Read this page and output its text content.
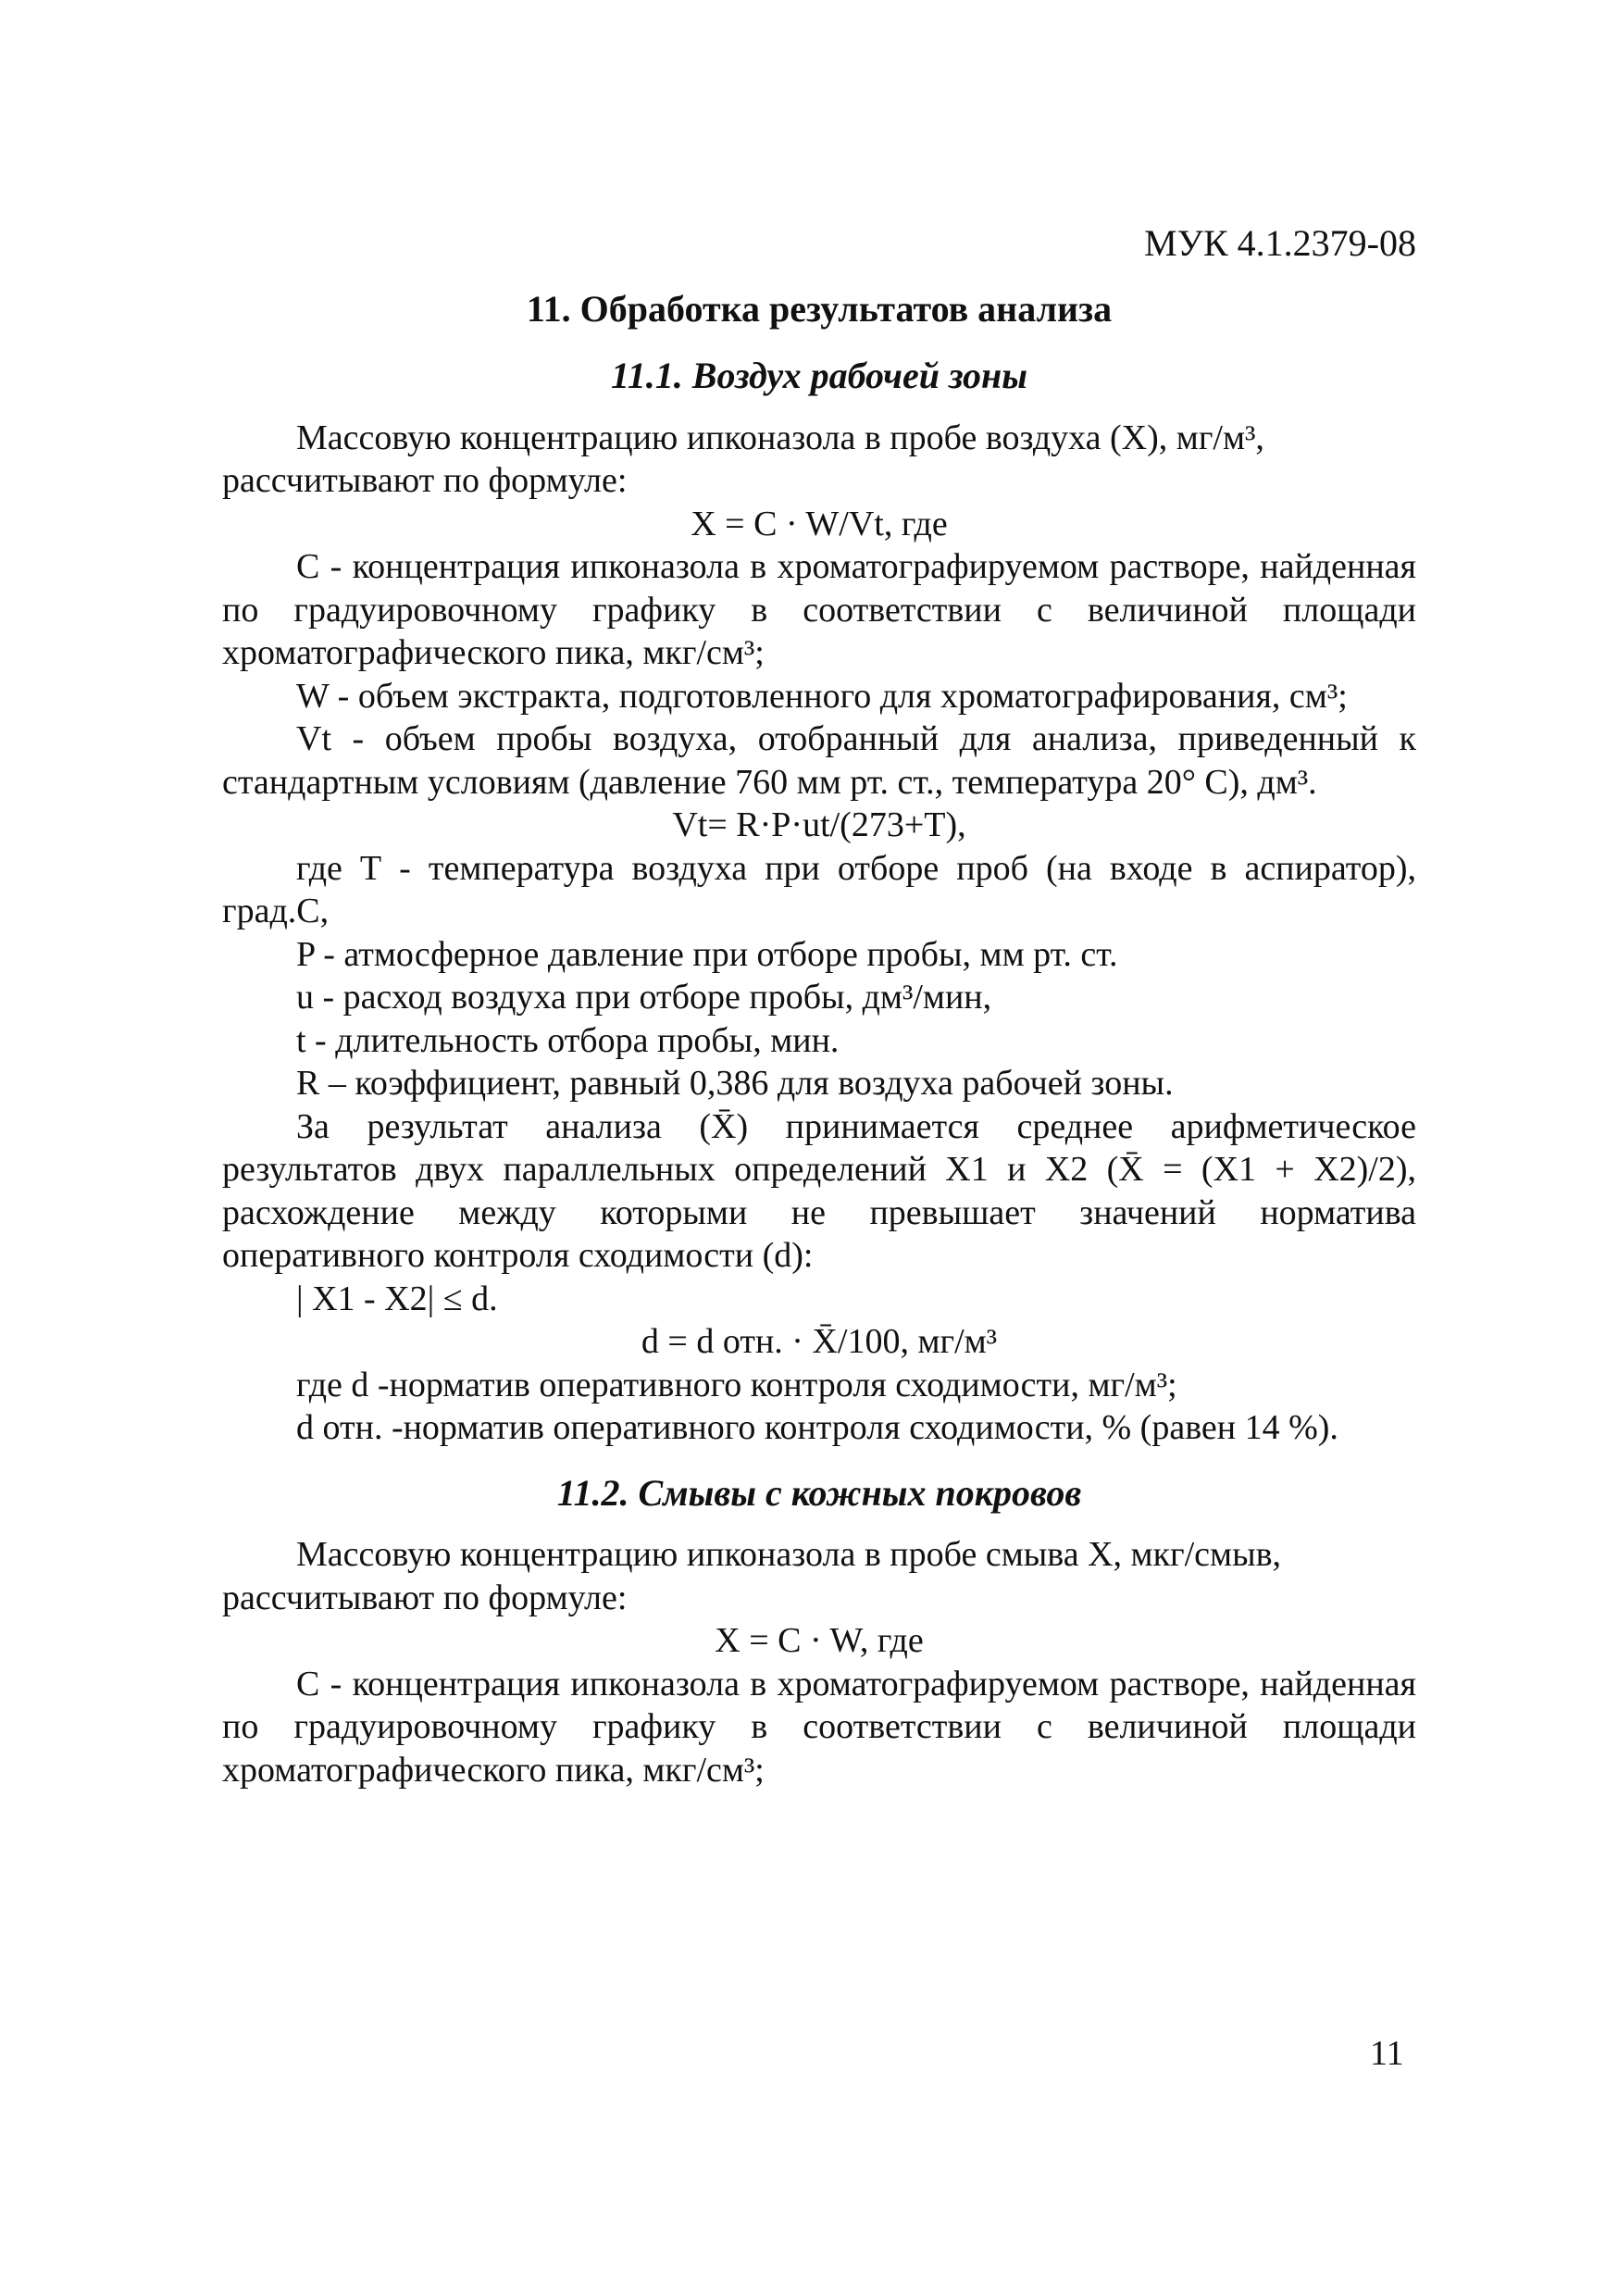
МУК 4.1.2379-08
11. Обработка результатов анализа
11.1. Воздух рабочей зоны

Массовую концентрацию ипконазола в пробе воздуха (X), мг/м³,

рассчитывают по формуле:

X = C · W/Vt, где

C - концентрация ипконазола в хроматографируемом растворе, найденная по градуировочному графику в соответствии с величиной площади хроматографического пика, мкг/см³;

W - объем экстракта, подготовленного для хроматографирования, см³;

Vt - объем пробы воздуха, отобранный для анализа, приведенный к стандартным условиям (давление 760 мм рт. ст., температура 20° С), дм³.

Vt= R·P·ut/(273+T),

где Т - температура воздуха при отборе проб (на входе в аспиратор), град.С,

P - атмосферное давление при отборе пробы, мм рт. ст.

u - расход воздуха при отборе пробы, дм³/мин,

t - длительность отбора пробы, мин.

R – коэффициент, равный 0,386 для воздуха рабочей зоны.

За результат анализа (X̄) принимается среднее арифметическое результатов двух параллельных определений X1 и X2 (X̄ = (X1 + X2)/2), расхождение между которыми не превышает значений норматива оперативного контроля сходимости (d):

| X1 - X2| ≤ d.

d = d отн. · X̄/100, мг/м³

где d -норматив оперативного контроля сходимости, мг/м³;

d отн. -норматив оперативного контроля сходимости, % (равен 14 %).

11.2. Смывы с кожных покровов

Массовую концентрацию ипконазола в пробе смыва X, мкг/смыв,

рассчитывают по формуле:

X = C · W, где

C - концентрация ипконазола в хроматографируемом растворе, найденная по градуировочному графику в соответствии с величиной площади хроматографического пика, мкг/см³;

11
